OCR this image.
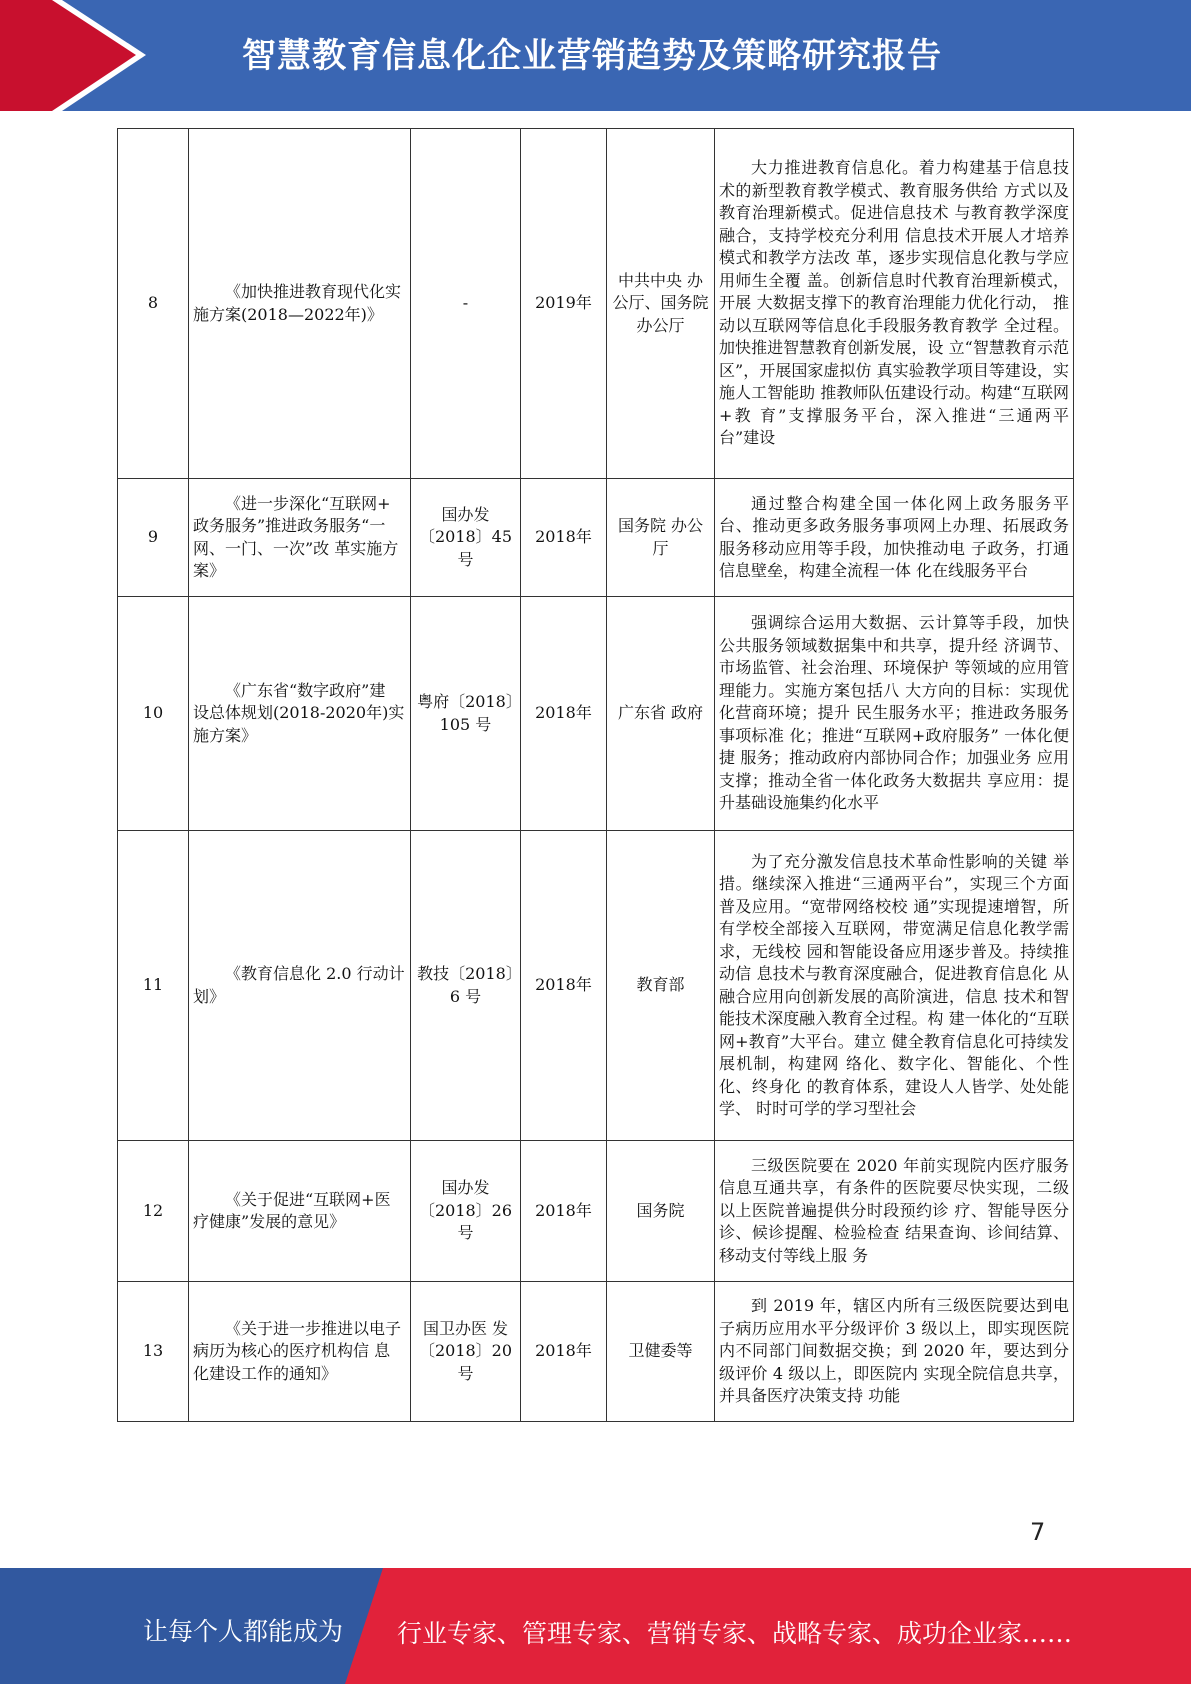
智慧教育信息化企业营销趋势及策略研究报告
8	《加快推进教育现代化实施方案(2018—2022年)》	-	2019年	中共中央 办公厅、国务院 办公厅	大力推进教育信息化。着力构建基于信息技术的新型教育教学模式、教育服务供给 方式以及教育治理新模式。促进信息技术 与教育教学深度融合，支持学校充分利用 信息技术开展人才培养模式和教学方法改 革，逐步实现信息化教与学应用师生全覆 盖。创新信息时代教育治理新模式，开展 大数据支撑下的教育治理能力优化行动， 推动以互联网等信息化手段服务教育教学 全过程。加快推进智慧教育创新发展，设 立“智慧教育示范区”，开展国家虚拟仿 真实验教学项目等建设，实施人工智能助 推教师队伍建设行动。构建“互联网+教 育”支撑服务平台，深入推进“三通两平 台”建设
9	《进一步深化“互联网+ 政务服务”推进政务服务“一网、一门、一次”改 革实施方案》	国办发〔2018〕45 号	2018年	国务院 办公厅	通过整合构建全国一体化网上政务服务平 台、推动更多政务服务事项网上办理、拓展政务服务移动应用等手段，加快推动电 子政务，打通信息壁垒，构建全流程一体 化在线服务平台
10	《广东省“数字政府”建 设总体规划(2018-2020年)实施方案》	粤府〔2018〕105 号	2018年	广东省 政府	强调综合运用大数据、云计算等手段，加快公共服务领域数据集中和共享，提升经 济调节、市场监管、社会治理、环境保护 等领域的应用管理能力。实施方案包括八 大方向的目标：实现优化营商环境；提升 民生服务水平；推进政务服务事项标准 化；推进“互联网+政府服务” 一体化便捷 服务；推动政府内部协同合作；加强业务 应用支撑；推动全省一体化政务大数据共 享应用：提升基础设施集约化水平
11	《教育信息化 2.0 行动计 划》	教技〔2018〕6 号	2018年	教育部	为了充分激发信息技术革命性影响的关键 举措。继续深入推进“三通两平台”，实现三个方面普及应用。“宽带网络校校 通”实现提速增智，所有学校全部接入互联网，带宽满足信息化教学需求，无线校 园和智能设备应用逐步普及。持续推动信 息技术与教育深度融合，促进教育信息化 从融合应用向创新发展的高阶演进，信息 技术和智能技术深度融入教育全过程。构 建一体化的“互联网+教育”大平台。建立 健全教育信息化可持续发展机制，构建网 络化、数字化、智能化、个性化、终身化 的教育体系，建设人人皆学、处处能学、 时时可学的学习型社会
12	《关于促进“互联网+医 疗健康”发展的意见》	国办发〔2018〕26 号	2018年	国务院	三级医院要在 2020 年前实现院内医疗服务 信息互通共享，有条件的医院要尽快实现，二级以上医院普遍提供分时段预约诊 疗、智能导医分诊、候诊提醒、检验检查 结果查询、诊间结算、移动支付等线上服 务
13	《关于进一步推进以电子 病历为核心的医疗机构信 息化建设工作的通知》	国卫办医 发〔2018〕20 号	2018年	卫健委等	到 2019 年，辖区内所有三级医院要达到电 子病历应用水平分级评价 3 级以上，即实现医院内不同部门间数据交换；到 2020 年，要达到分级评价 4 级以上，即医院内 实现全院信息共享，并具备医疗决策支持 功能
7
让每个人都能成为 行业专家、管理专家、营销专家、战略专家、成功企业家……
